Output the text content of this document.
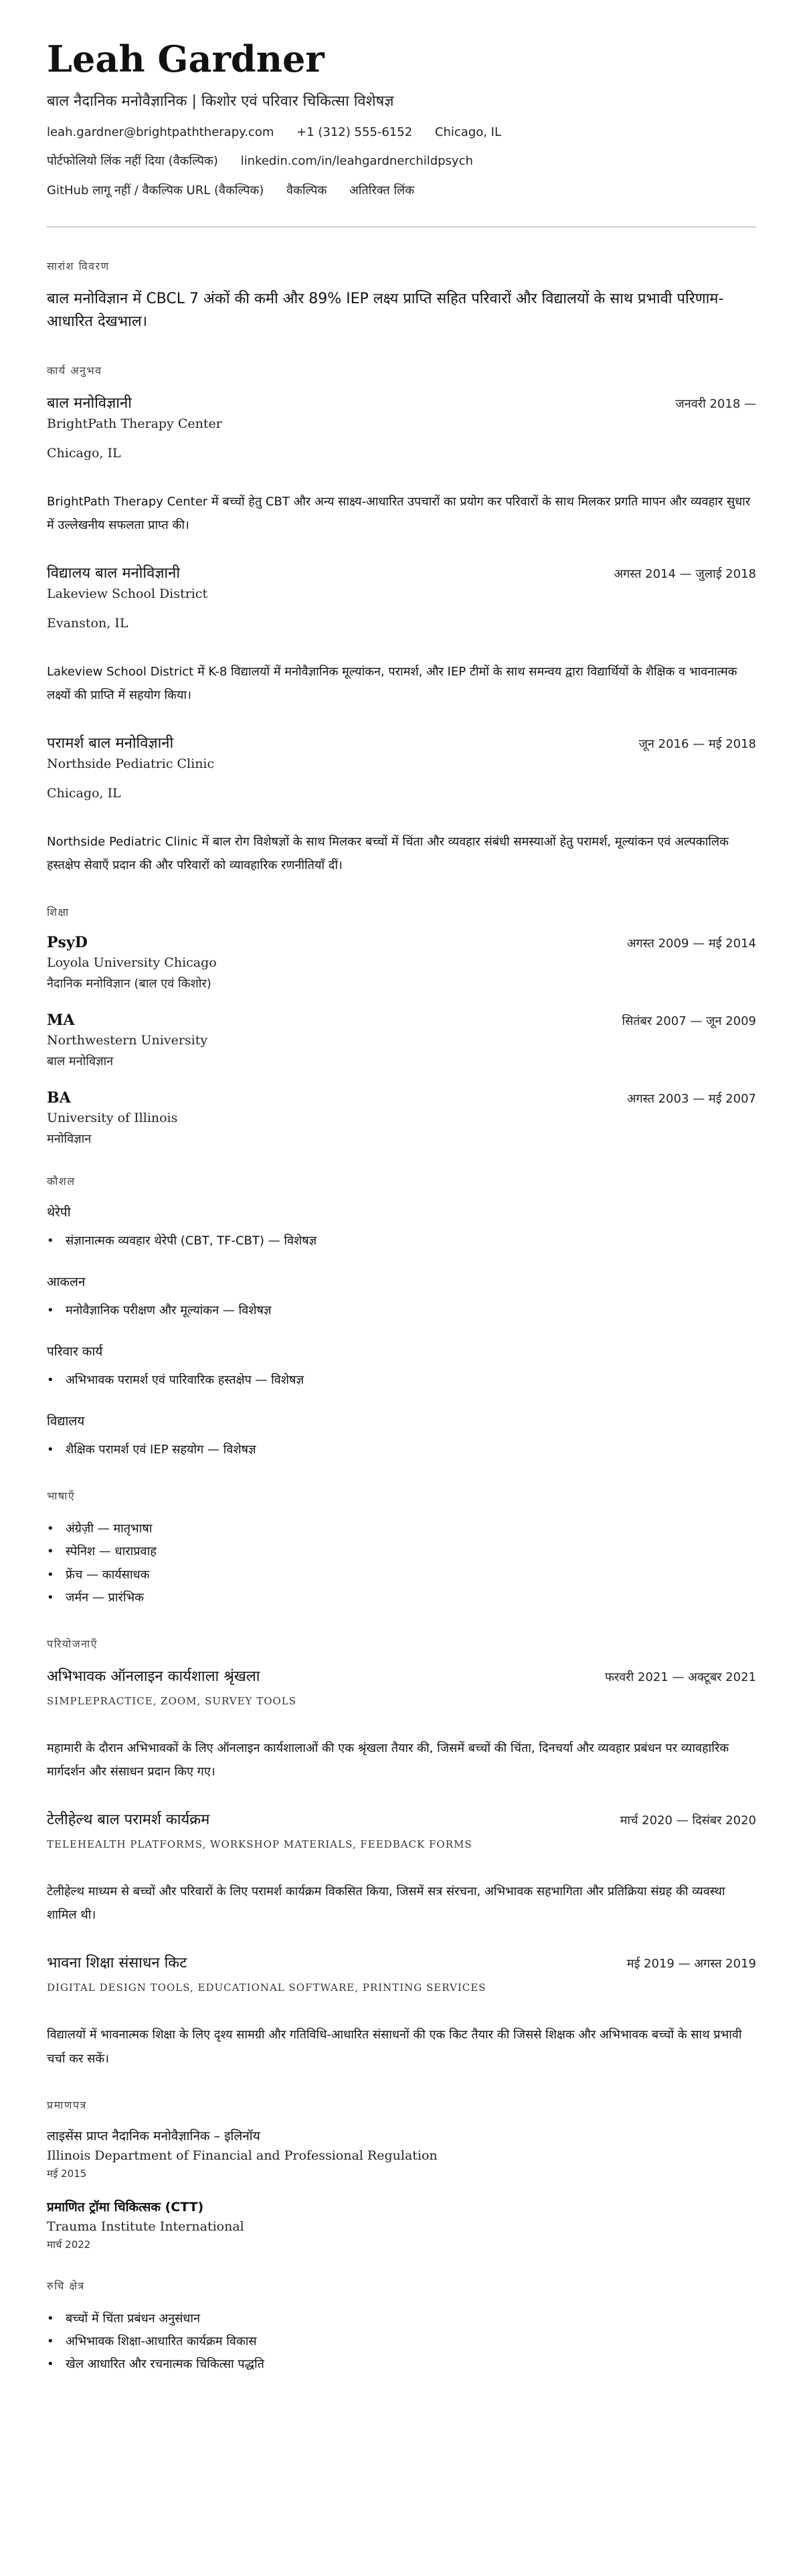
Leah Gardner
बाल नैदानिक मनोवैज्ञानिक | किशोर एवं परिवार चिकित्सा विशेषज्ञ
leah.gardner@brightpaththerapy.com +1 (312) 555-6152 Chicago, IL
पोर्टफोलियो लिंक नहीं दिया (वैकल्पिक) linkedin.com/in/leahgardnerchildpsych
GitHub लागू नहीं / वैकल्पिक URL (वैकल्पिक) वैकल्पिक अतिरिक्त लिंक
सारांश विवरण
बाल मनोविज्ञान में CBCL 7 अंकों की कमी और 89% IEP लक्ष्य प्राप्ति सहित परिवारों और विद्यालयों के साथ प्रभावी परिणाम-आधारित देखभाल।
कार्य अनुभव
बाल मनोविज्ञानी	जनवरी 2018 —
BrightPath Therapy Center
Chicago, IL
BrightPath Therapy Center में बच्चों हेतु CBT और अन्य साक्ष्य-आधारित उपचारों का प्रयोग कर परिवारों के साथ मिलकर प्रगति मापन और व्यवहार सुधार में उल्लेखनीय सफलता प्राप्त की।
विद्यालय बाल मनोविज्ञानी	अगस्त 2014 — जुलाई 2018
Lakeview School District
Evanston, IL
Lakeview School District में K-8 विद्यालयों में मनोवैज्ञानिक मूल्यांकन, परामर्श, और IEP टीमों के साथ समन्वय द्वारा विद्यार्थियों के शैक्षिक व भावनात्मक लक्ष्यों की प्राप्ति में सहयोग किया।
परामर्श बाल मनोविज्ञानी	जून 2016 — मई 2018
Northside Pediatric Clinic
Chicago, IL
Northside Pediatric Clinic में बाल रोग विशेषज्ञों के साथ मिलकर बच्चों में चिंता और व्यवहार संबंधी समस्याओं हेतु परामर्श, मूल्यांकन एवं अल्पकालिक हस्तक्षेप सेवाएँ प्रदान की और परिवारों को व्यावहारिक रणनीतियाँ दीं।
शिक्षा
PsyD	अगस्त 2009 — मई 2014
Loyola University Chicago
नैदानिक मनोविज्ञान (बाल एवं किशोर)
MA	सितंबर 2007 — जून 2009
Northwestern University
बाल मनोविज्ञान
BA	अगस्त 2003 — मई 2007
University of Illinois
मनोविज्ञान
कौशल
थेरेपी
• संज्ञानात्मक व्यवहार थेरेपी (CBT, TF-CBT) — विशेषज्ञ
आकलन
• मनोवैज्ञानिक परीक्षण और मूल्यांकन — विशेषज्ञ
परिवार कार्य
• अभिभावक परामर्श एवं पारिवारिक हस्तक्षेप — विशेषज्ञ
विद्यालय
• शैक्षिक परामर्श एवं IEP सहयोग — विशेषज्ञ
भाषाएँ
• अंग्रेज़ी — मातृभाषा
• स्पेनिश — धाराप्रवाह
• फ्रेंच — कार्यसाधक
• जर्मन — प्रारंभिक
परियोजनाएँ
अभिभावक ऑनलाइन कार्यशाला श्रृंखला	फरवरी 2021 — अक्टूबर 2021
SIMPLEPRACTICE, ZOOM, SURVEY TOOLS
महामारी के दौरान अभिभावकों के लिए ऑनलाइन कार्यशालाओं की एक श्रृंखला तैयार की, जिसमें बच्चों की चिंता, दिनचर्या और व्यवहार प्रबंधन पर व्यावहारिक मार्गदर्शन और संसाधन प्रदान किए गए।
टेलीहेल्थ बाल परामर्श कार्यक्रम	मार्च 2020 — दिसंबर 2020
TELEHEALTH PLATFORMS, WORKSHOP MATERIALS, FEEDBACK FORMS
टेलीहेल्थ माध्यम से बच्चों और परिवारों के लिए परामर्श कार्यक्रम विकसित किया, जिसमें सत्र संरचना, अभिभावक सहभागिता और प्रतिक्रिया संग्रह की व्यवस्था शामिल थी।
भावना शिक्षा संसाधन किट	मई 2019 — अगस्त 2019
DIGITAL DESIGN TOOLS, EDUCATIONAL SOFTWARE, PRINTING SERVICES
विद्यालयों में भावनात्मक शिक्षा के लिए दृश्य सामग्री और गतिविधि-आधारित संसाधनों की एक किट तैयार की जिससे शिक्षक और अभिभावक बच्चों के साथ प्रभावी चर्चा कर सकें।
प्रमाणपत्र
लाइसेंस प्राप्त नैदानिक मनोवैज्ञानिक – इलिनॉय
Illinois Department of Financial and Professional Regulation
मई 2015
प्रमाणित ट्रॉमा चिकित्सक (CTT)
Trauma Institute International
मार्च 2022
रुचि क्षेत्र
• बच्चों में चिंता प्रबंधन अनुसंधान
• अभिभावक शिक्षा-आधारित कार्यक्रम विकास
• खेल आधारित और रचनात्मक चिकित्सा पद्धति
